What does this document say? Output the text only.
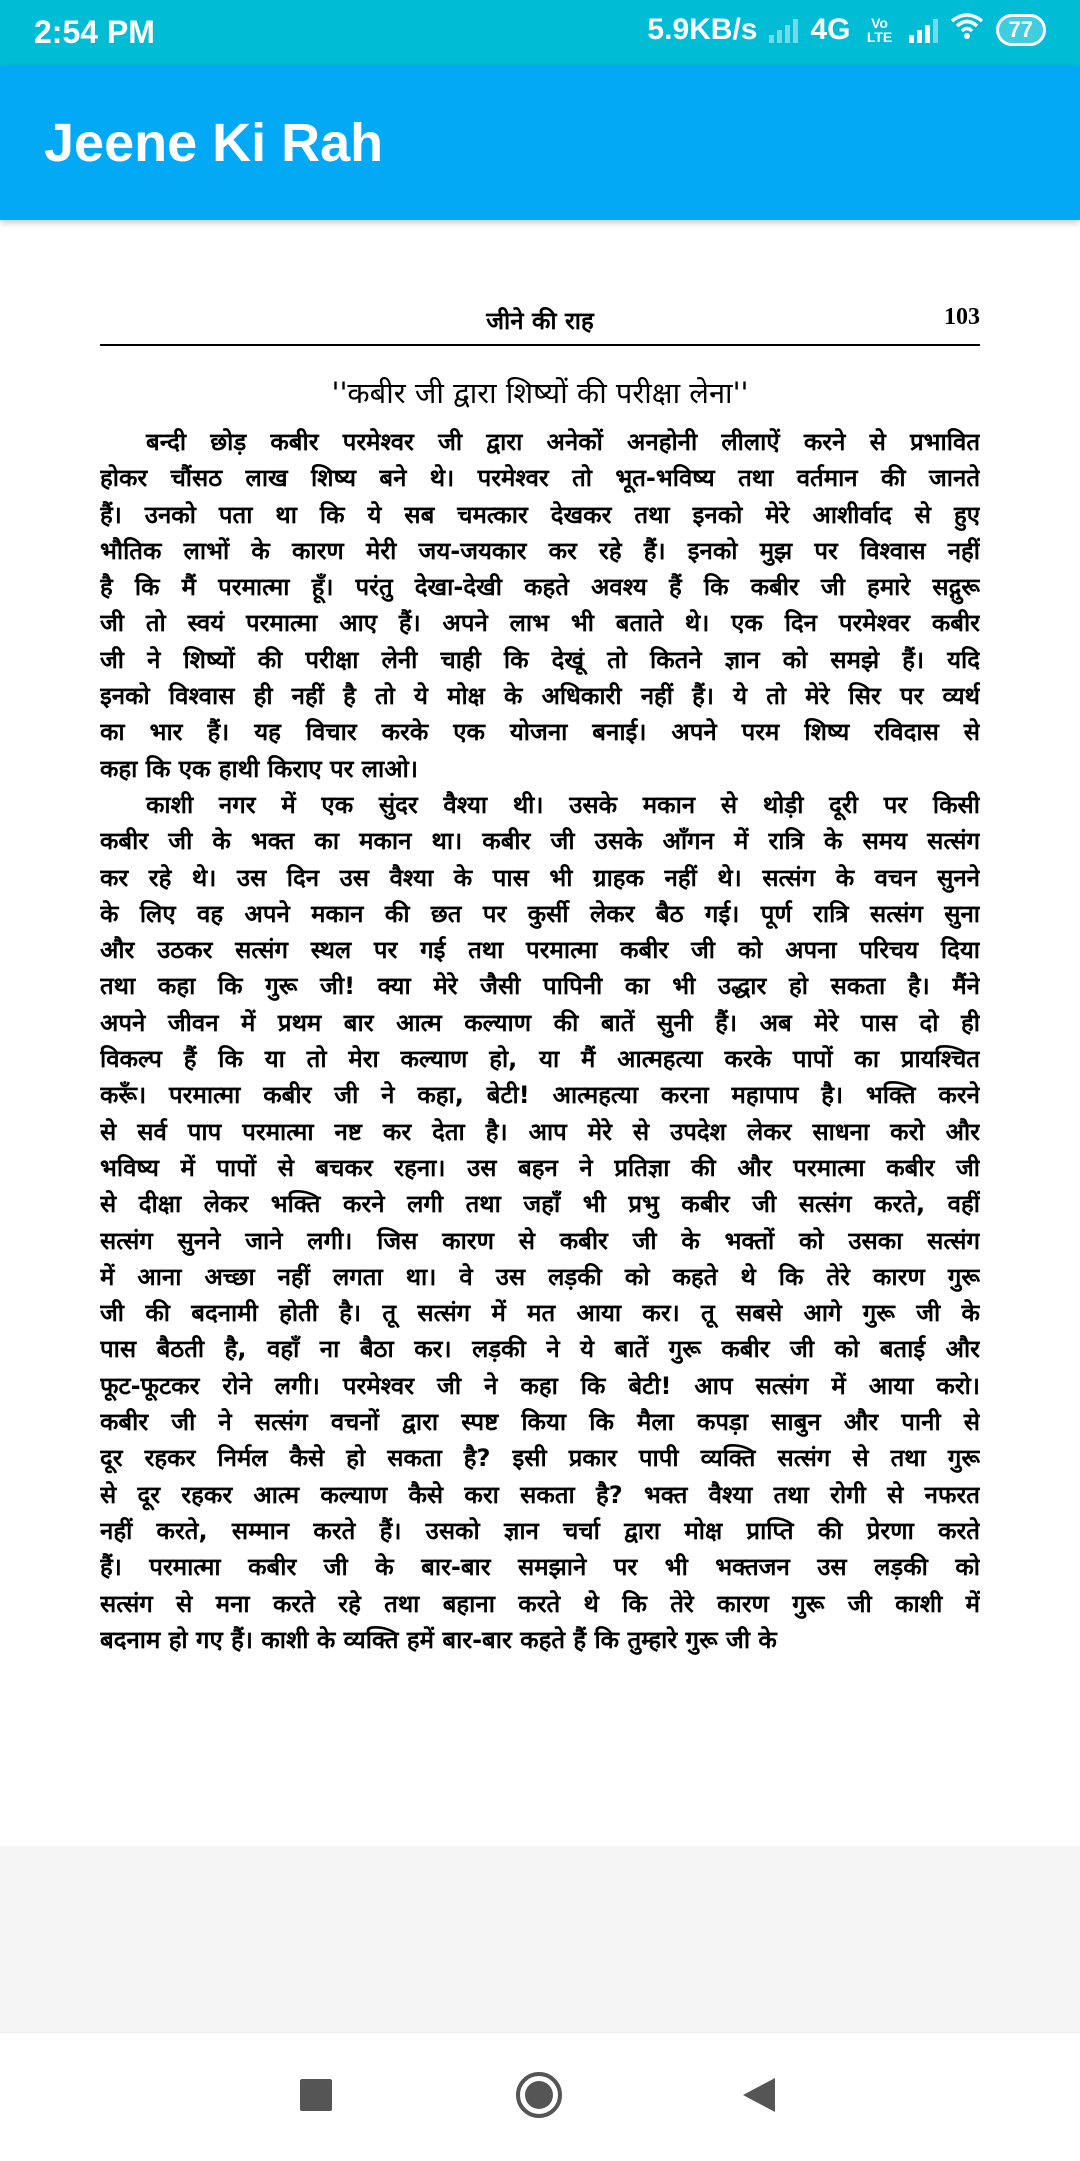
2:54 PM	5.9KB/s 4G	Vo LTE	77
Jeene Ki Rah
जीने की राह	103
''कबीर जी द्वारा शिष्यों की परीक्षा लेना''
बन्दी छोड़ कबीर परमेश्वर जी द्वारा अनेकों अनहोनी लीलाऐं करने से प्रभावित
होकर चौंसठ लाख शिष्य बने थे। परमेश्वर तो भूत-भविष्य तथा वर्तमान की जानते
हैं। उनको पता था कि ये सब चमत्कार देखकर तथा इनको मेरे आशीर्वाद से हुए
भौतिक लाभों के कारण मेरी जय-जयकार कर रहे हैं। इनको मुझ पर विश्वास नहीं
है कि मैं परमात्मा हूँ। परंतु देखा-देखी कहते अवश्य हैं कि कबीर जी हमारे सद्गुरू
जी तो स्वयं परमात्मा आए हैं। अपने लाभ भी बताते थे। एक दिन परमेश्वर कबीर
जी ने शिष्यों की परीक्षा लेनी चाही कि देखूं तो कितने ज्ञान को समझे हैं। यदि
इनको विश्वास ही नहीं है तो ये मोक्ष के अधिकारी नहीं हैं। ये तो मेरे सिर पर व्यर्थ
का भार हैं। यह विचार करके एक योजना बनाई। अपने परम शिष्य रविदास से
कहा कि एक हाथी किराए पर लाओ।
काशी नगर में एक सुंदर वैश्या थी। उसके मकान से थोड़ी दूरी पर किसी
कबीर जी के भक्त का मकान था। कबीर जी उसके आँगन में रात्रि के समय सत्संग
कर रहे थे। उस दिन उस वैश्या के पास भी ग्राहक नहीं थे। सत्संग के वचन सुनने
के लिए वह अपने मकान की छत पर कुर्सी लेकर बैठ गई। पूर्ण रात्रि सत्संग सुना
और उठकर सत्संग स्थल पर गई तथा परमात्मा कबीर जी को अपना परिचय दिया
तथा कहा कि गुरू जी! क्या मेरे जैसी पापिनी का भी उद्धार हो सकता है। मैंने
अपने जीवन में प्रथम बार आत्म कल्याण की बातें सुनी हैं। अब मेरे पास दो ही
विकल्प हैं कि या तो मेरा कल्याण हो, या मैं आत्महत्या करके पापों का प्रायश्चित
करूँ। परमात्मा कबीर जी ने कहा, बेटी! आत्महत्या करना महापाप है। भक्ति करने
से सर्व पाप परमात्मा नष्ट कर देता है। आप मेरे से उपदेश लेकर साधना करो और
भविष्य में पापों से बचकर रहना। उस बहन ने प्रतिज्ञा की और परमात्मा कबीर जी
से दीक्षा लेकर भक्ति करने लगी तथा जहाँ भी प्रभु कबीर जी सत्संग करते, वहीं
सत्संग सुनने जाने लगी। जिस कारण से कबीर जी के भक्तों को उसका सत्संग
में आना अच्छा नहीं लगता था। वे उस लड़की को कहते थे कि तेरे कारण गुरू
जी की बदनामी होती है। तू सत्संग में मत आया कर। तू सबसे आगे गुरू जी के
पास बैठती है, वहाँ ना बैठा कर। लड़की ने ये बातें गुरू कबीर जी को बताई और
फूट-फूटकर रोने लगी। परमेश्वर जी ने कहा कि बेटी! आप सत्संग में आया करो।
कबीर जी ने सत्संग वचनों द्वारा स्पष्ट किया कि मैला कपड़ा साबुन और पानी से
दूर रहकर निर्मल कैसे हो सकता है? इसी प्रकार पापी व्यक्ति सत्संग से तथा गुरू
से दूर रहकर आत्म कल्याण कैसे करा सकता है? भक्त वैश्या तथा रोगी से नफरत
नहीं करते, सम्मान करते हैं। उसको ज्ञान चर्चा द्वारा मोक्ष प्राप्ति की प्रेरणा करते
हैं। परमात्मा कबीर जी के बार-बार समझाने पर भी भक्तजन उस लड़की को
सत्संग से मना करते रहे तथा बहाना करते थे कि तेरे कारण गुरू जी काशी में
बदनाम हो गए हैं। काशी के व्यक्ति हमें बार-बार कहते हैं कि तुम्हारे गुरू जी के
